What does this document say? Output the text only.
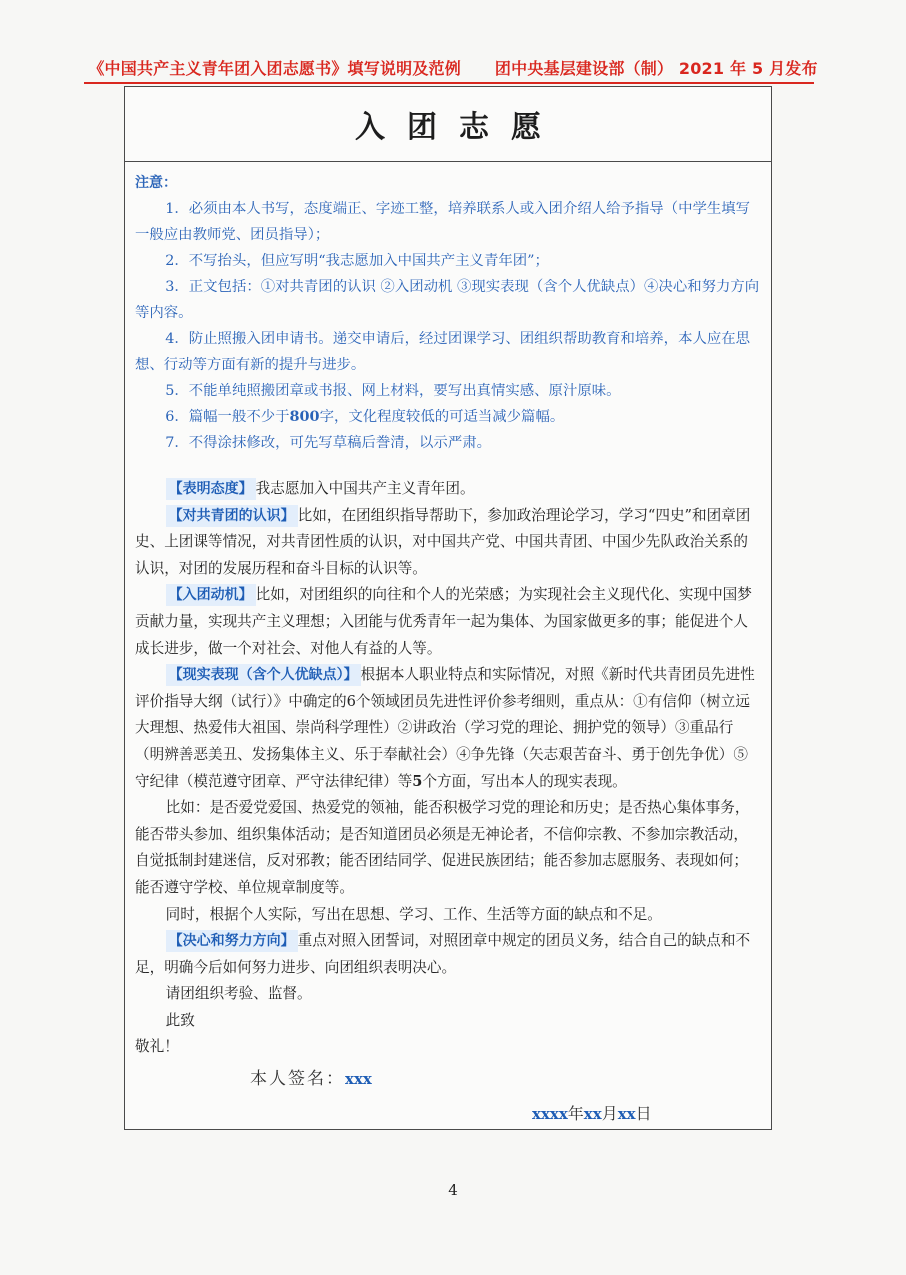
《中国共产主义青年团入团志愿书》填写说明及范例 团中央基层建设部（制） 2021 年 5 月发布
入团志愿
注意：

1．必须由本人书写，态度端正、字迹工整，培养联系人或入团介绍人给予指导（中学生填写一般应由教师党、团员指导）；

2．不写抬头，但应写明“我志愿加入中国共产主义青年团”；

3．正文包括：①对共青团的认识 ②入团动机 ③现实表现（含个人优缺点）④决心和努力方向等内容。

4．防止照搬入团申请书。递交申请后，经过团课学习、团组织帮助教育和培养，本人应在思想、行动等方面有新的提升与进步。

5．不能单纯照搬团章或书报、网上材料，要写出真情实感、原汁原味。

6．篇幅一般不少于800字，文化程度较低的可适当减少篇幅。

7．不得涂抹修改，可先写草稿后誊清，以示严肃。

【表明态度】 我志愿加入中国共产主义青年团。

【对共青团的认识】 比如，在团组织指导帮助下，参加政治理论学习，学习“四史”和团章团史、上团课等情况，对共青团性质的认识，对中国共产党、中国共青团、中国少先队政治关系的认识，对团的发展历程和奋斗目标的认识等。

【入团动机】 比如，对团组织的向往和个人的光荣感；为实现社会主义现代化、实现中国梦贡献力量，实现共产主义理想；入团能与优秀青年一起为集体、为国家做更多的事；能促进个人成长进步，做一个对社会、对他人有益的人等。

【现实表现（含个人优缺点）】 根据本人职业特点和实际情况，对照《新时代共青团员先进性评价指导大纲（试行）》中确定的6个领域团员先进性评价参考细则，重点从：①有信仰（树立远大理想、热爱伟大祖国、崇尚科学理性）②讲政治（学习党的理论、拥护党的领导）③重品行（明辨善恶美丑、发扬集体主义、乐于奉献社会）④争先锋（矢志艰苦奋斗、勇于创先争优）⑤守纪律（模范遵守团章、严守法律纪律）等5个方面，写出本人的现实表现。

比如：是否爱党爱国、热爱党的领袖，能否积极学习党的理论和历史；是否热心集体事务，能否带头参加、组织集体活动；是否知道团员必须是无神论者，不信仰宗教、不参加宗教活动，自觉抵制封建迷信，反对邪教；能否团结同学、促进民族团结；能否参加志愿服务、表现如何；能否遵守学校、单位规章制度等。

同时，根据个人实际，写出在思想、学习、工作、生活等方面的缺点和不足。

【决心和努力方向】 重点对照入团誓词，对照团章中规定的团员义务，结合自己的缺点和不足，明确今后如何努力进步、向团组织表明决心。

请团组织考验、监督。

此致

敬礼！

本人签名：xxx
xxxx年xx月xx日
4
